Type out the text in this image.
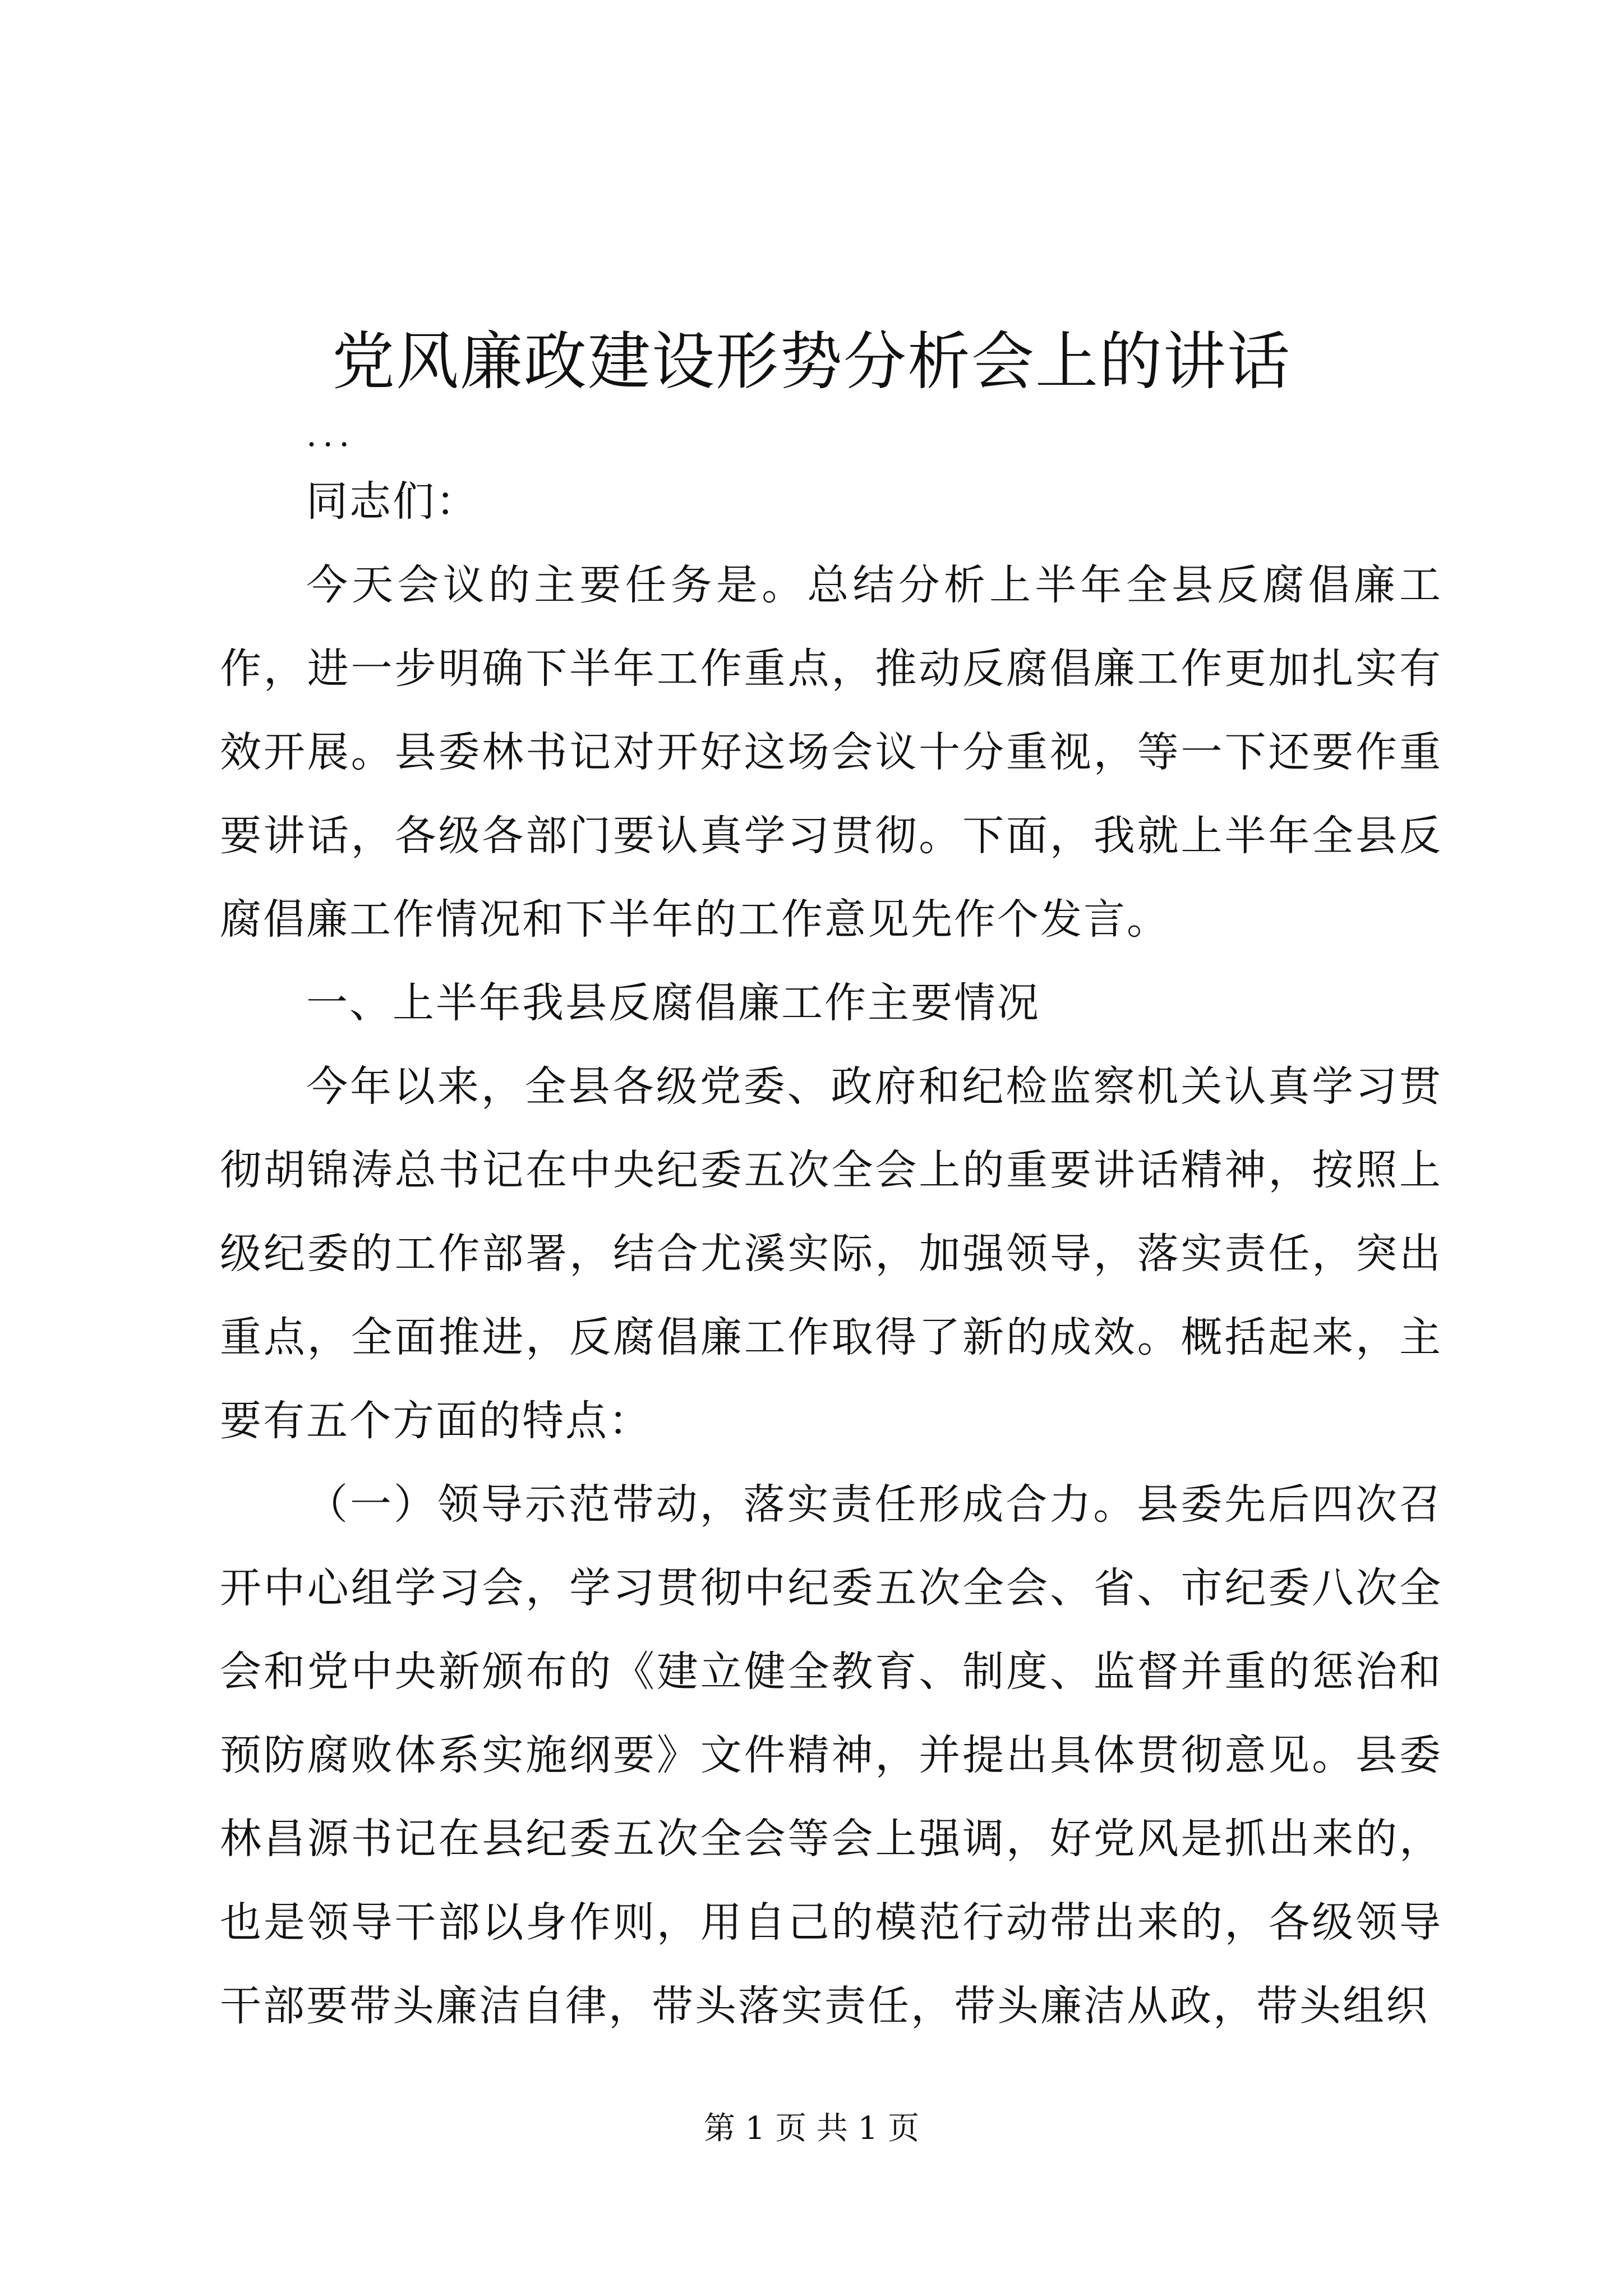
党风廉政建设形势分析会上的讲话

...

同志们：

今天会议的主要任务是。总结分析上半年全县反腐倡廉工作，进一步明确下半年工作重点，推动反腐倡廉工作更加扎实有效开展。县委林书记对开好这场会议十分重视，等一下还要作重要讲话，各级各部门要认真学习贯彻。下面，我就上半年全县反腐倡廉工作情况和下半年的工作意见先作个发言。

一、上半年我县反腐倡廉工作主要情况

今年以来，全县各级党委、政府和纪检监察机关认真学习贯彻胡锦涛总书记在中央纪委五次全会上的重要讲话精神，按照上级纪委的工作部署，结合尤溪实际，加强领导，落实责任，突出重点，全面推进，反腐倡廉工作取得了新的成效。概括起来，主要有五个方面的特点：

（一）领导示范带动，落实责任形成合力。县委先后四次召开中心组学习会，学习贯彻中纪委五次全会、省、市纪委八次全会和党中央新颁布的《建立健全教育、制度、监督并重的惩治和预防腐败体系实施纲要》文件精神，并提出具体贯彻意见。县委林昌源书记在县纪委五次全会等会上强调，好党风是抓出来的，也是领导干部以身作则，用自己的模范行动带出来的，各级领导干部要带头廉洁自律，带头落实责任，带头廉洁从政，带头组织

第 1 页 共 1 页
